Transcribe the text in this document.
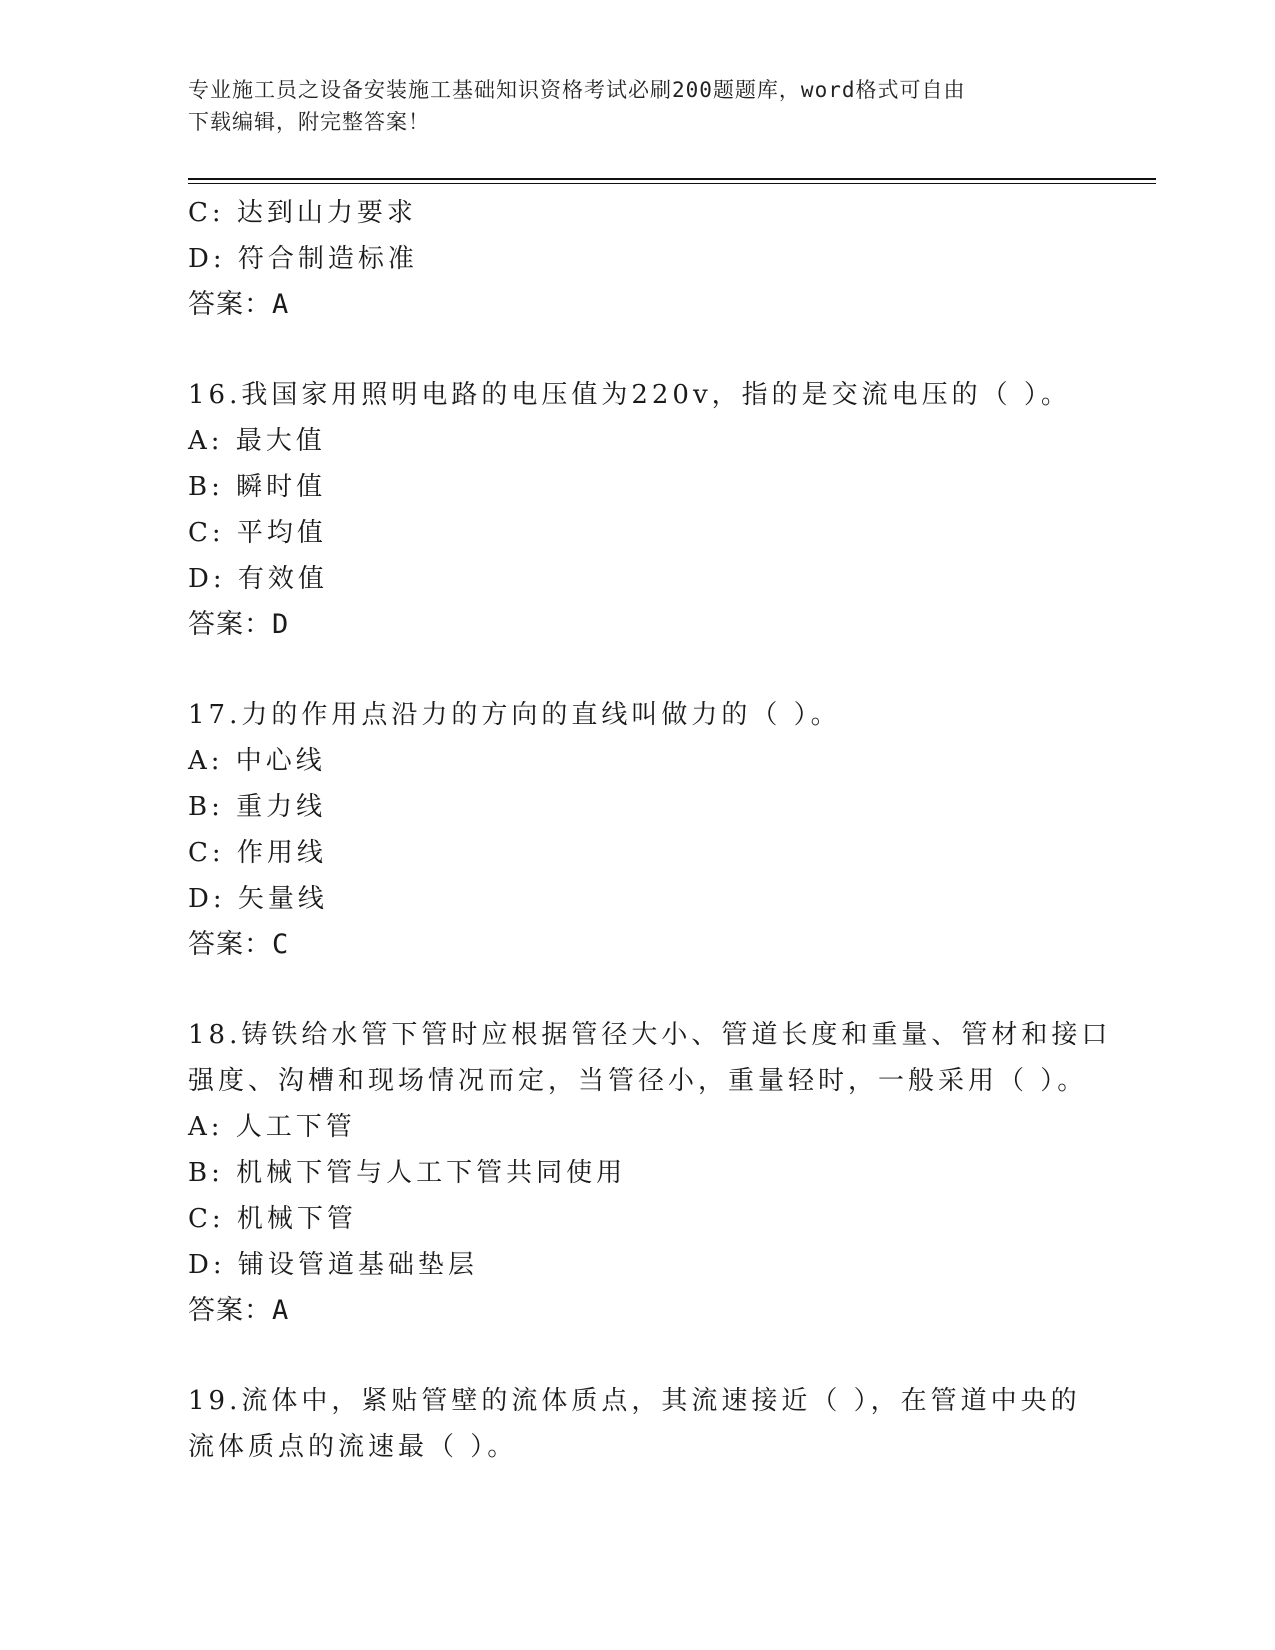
专业施工员之设备安装施工基础知识资格考试必刷200题题库，word格式可自由
下载编辑，附完整答案！
C: 达到山力要求
D: 符合制造标准
答案：A
16.我国家用照明电路的电压值为220v，指的是交流电压的（ ）。
A: 最大值
B: 瞬时值
C: 平均值
D: 有效值
答案：D
17.力的作用点沿力的方向的直线叫做力的（ ）。
A: 中心线
B: 重力线
C: 作用线
D: 矢量线
答案：C
18.铸铁给水管下管时应根据管径大小、管道长度和重量、管材和接口
强度、沟槽和现场情况而定，当管径小，重量轻时，一般采用（ ）。
A: 人工下管
B: 机械下管与人工下管共同使用
C: 机械下管
D: 铺设管道基础垫层
答案：A
19.流体中，紧贴管壁的流体质点，其流速接近（ ），在管道中央的
流体质点的流速最（ ）。
